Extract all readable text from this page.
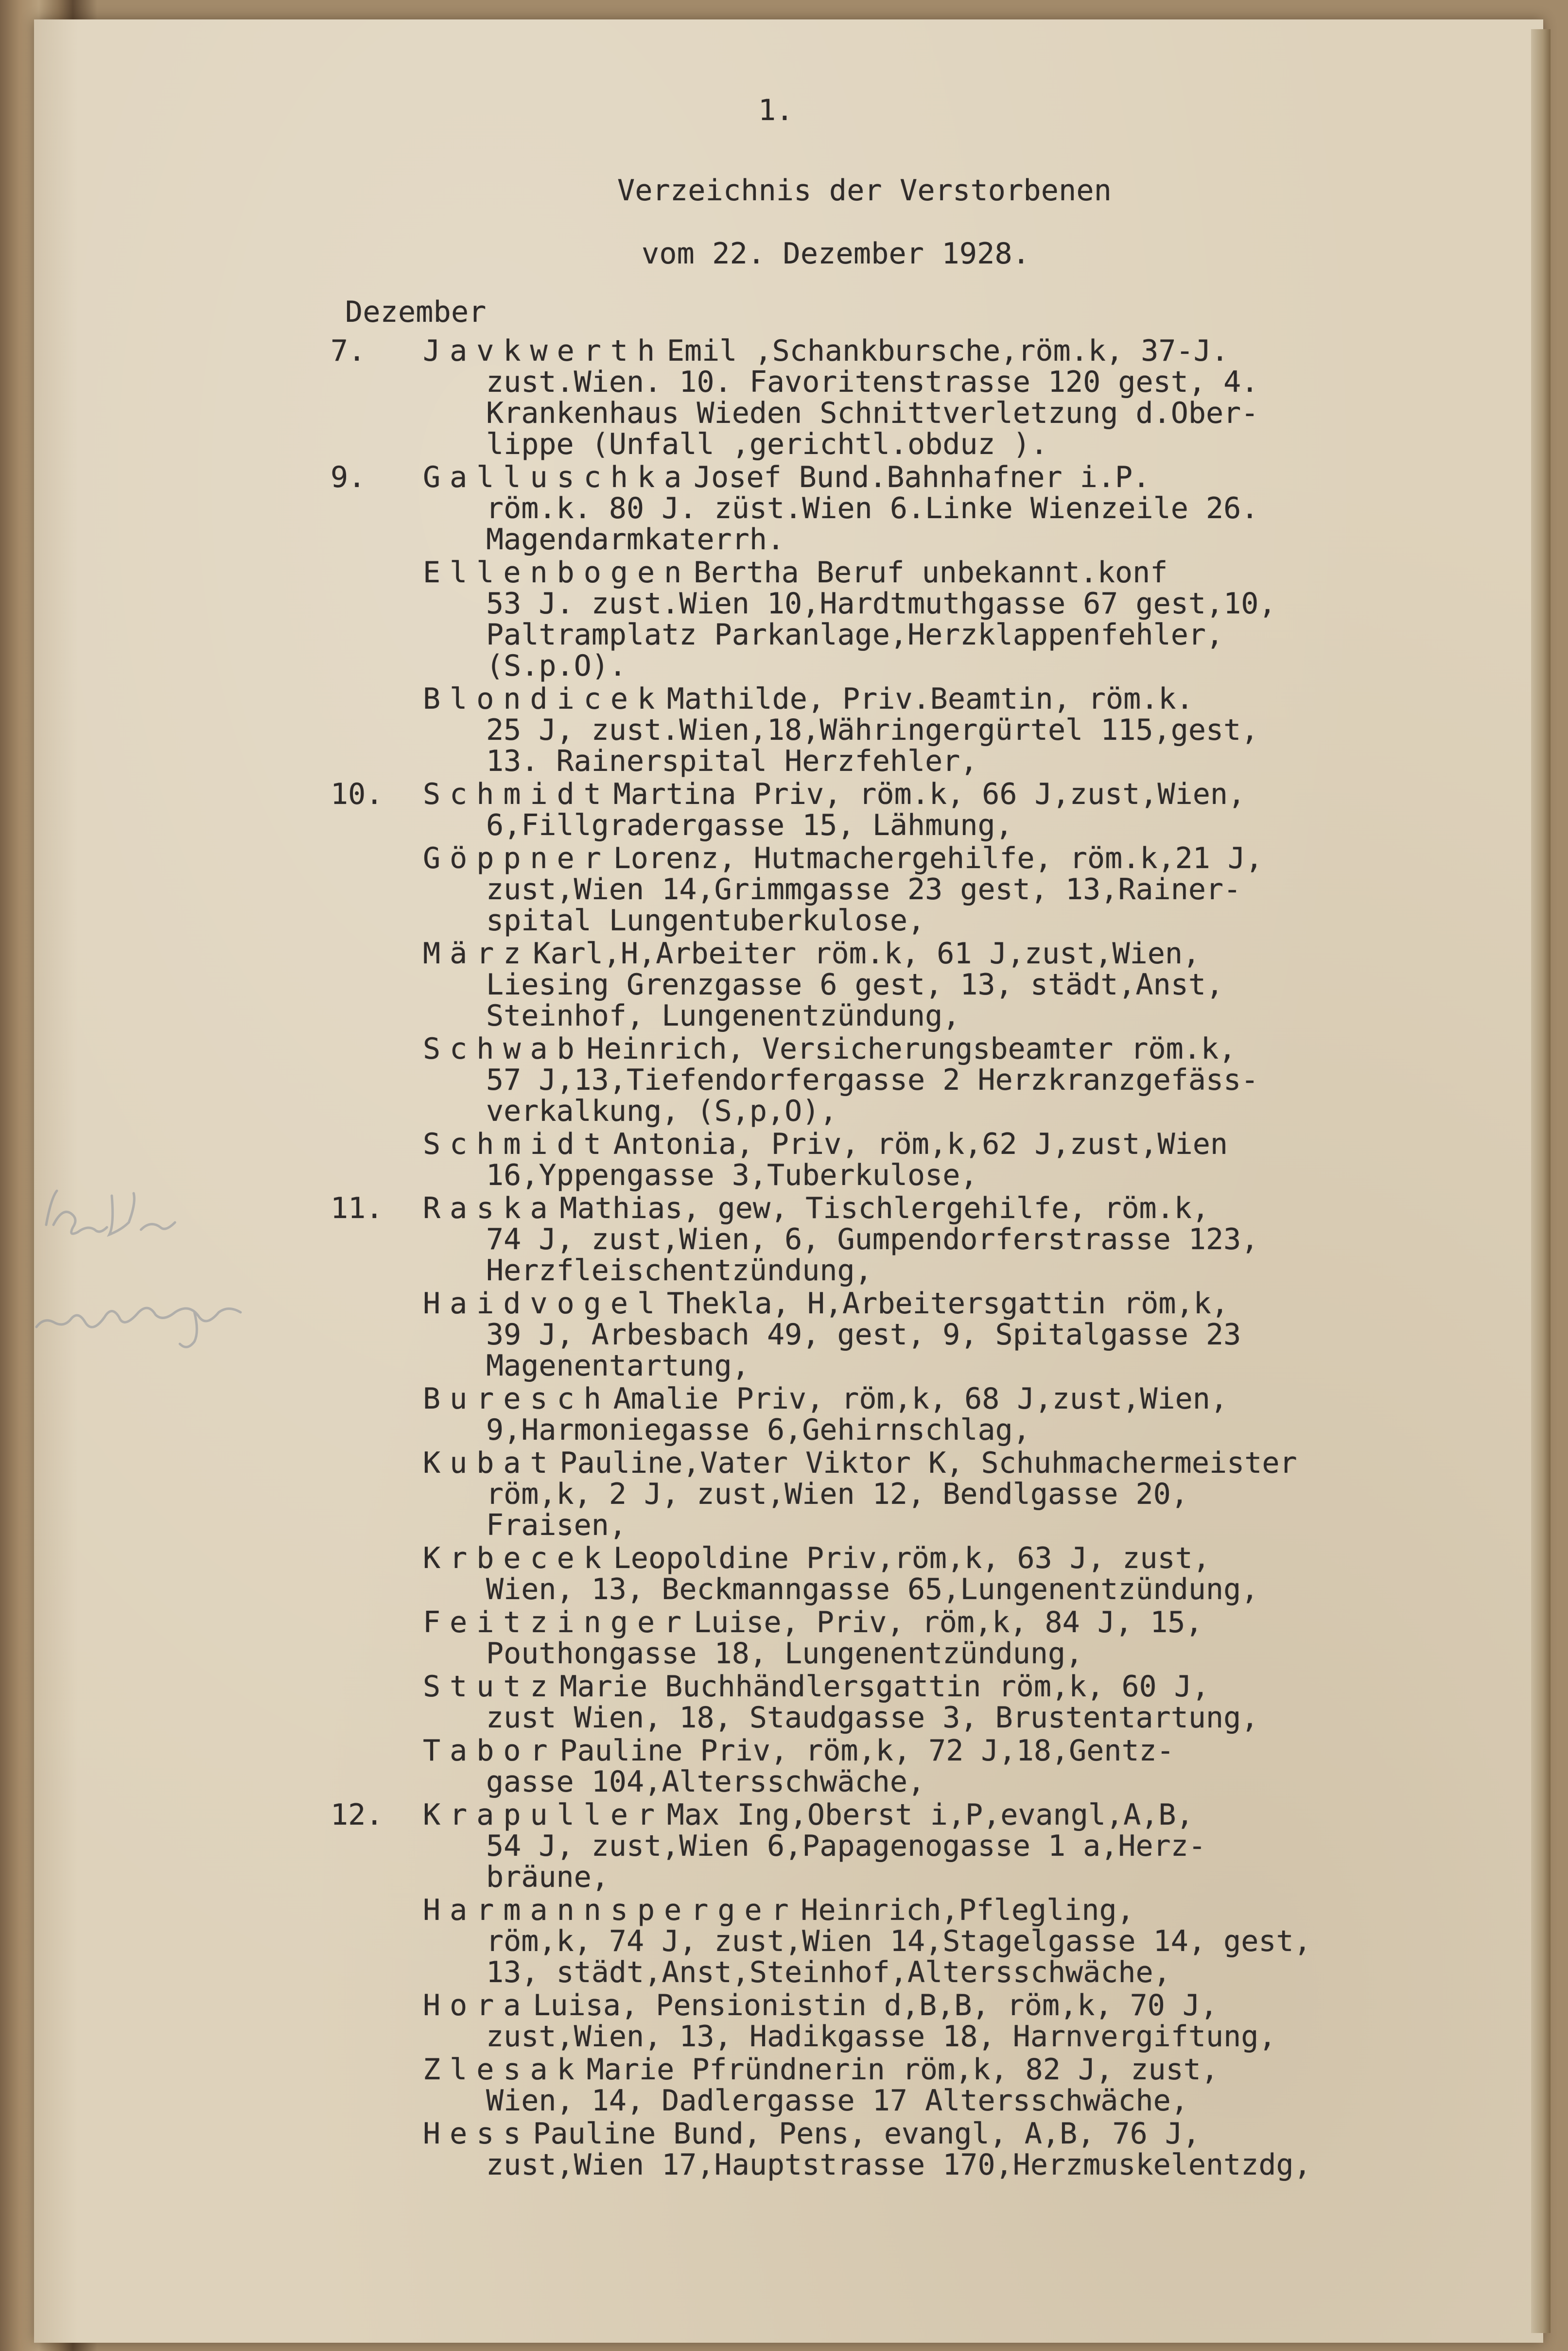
1.
Verzeichnis der Verstorbenen
vom 22. Dezember 1928.
Dezember
7. Javkwerth Emil ,Schankbursche,röm.k, 37-J.
zust.Wien. 10. Favoritenstrasse 120 gest, 4.
Krankenhaus Wieden Schnittverletzung d.Ober-
lippe (Unfall ,gerichtl.obduz ).
9. Galluschka Josef Bund.Bahnhafner i.P.
röm.k. 80 J. züst.Wien 6.Linke Wienzeile 26.
Magendarmkaterrh.
Ellenbogen Bertha Beruf unbekannt.konf
53 J. zust.Wien 10,Hardtmuthgasse 67 gest,10,
Paltramplatz Parkanlage,Herzklappenfehler,
(S.p.O).
Blondicek Mathilde, Priv.Beamtin, röm.k.
25 J, zust.Wien,18,Währingergürtel 115,gest,
13. Rainerspital Herzfehler,
10. Schmidt Martina Priv, röm.k, 66 J,zust,Wien,
6,Fillgradergasse 15, Lähmung,
Göppner Lorenz, Hutmachergehilfe, röm.k,21 J,
zust,Wien 14,Grimmgasse 23 gest, 13,Rainer-
spital Lungentuberkulose,
März Karl,H,Arbeiter röm.k, 61 J,zust,Wien,
Liesing Grenzgasse 6 gest, 13, städt,Anst,
Steinhof, Lungenentzündung,
Schwab Heinrich, Versicherungsbeamter röm.k,
57 J,13,Tiefendorfergasse 2 Herzkranzgefäss-
verkalkung, (S,p,O),
Schmidt Antonia, Priv, röm,k,62 J,zust,Wien
16,Yppengasse 3,Tuberkulose,
11. Raska Mathias, gew, Tischlergehilfe, röm.k,
74 J, zust,Wien, 6, Gumpendorferstrasse 123,
Herzfleischentzündung,
Haidvogel Thekla, H,Arbeitersgattin röm,k,
39 J, Arbesbach 49, gest, 9, Spitalgasse 23
Magenentartung,
Buresch Amalie Priv, röm,k, 68 J,zust,Wien,
9,Harmoniegasse 6,Gehirnschlag,
Kubat Pauline,Vater Viktor K, Schuhmachermeister
röm,k, 2 J, zust,Wien 12, Bendlgasse 20,
Fraisen,
Krbecek Leopoldine Priv,röm,k, 63 J, zust,
Wien, 13, Beckmanngasse 65,Lungenentzündung,
Feitzinger Luise, Priv, röm,k, 84 J, 15,
Pouthongasse 18, Lungenentzündung,
Stutz Marie Buchhändlersgattin röm,k, 60 J,
zust Wien, 18, Staudgasse 3, Brustentartung,
Tabor Pauline Priv, röm,k, 72 J,18,Gentz-
gasse 104,Altersschwäche,
12. Krapuller Max Ing,Oberst i,P,evangl,A,B,
54 J, zust,Wien 6,Papagenogasse 1 a,Herz-
bräune,
Harmannsperger Heinrich,Pflegling,
röm,k, 74 J, zust,Wien 14,Stagelgasse 14, gest,
13, städt,Anst,Steinhof,Altersschwäche,
Hora Luisa, Pensionistin d,B,B, röm,k, 70 J,
zust,Wien, 13, Hadikgasse 18, Harnvergiftung,
Zlesak Marie Pfründnerin röm,k, 82 J, zust,
Wien, 14, Dadlergasse 17 Altersschwäche,
Hess Pauline Bund, Pens, evangl, A,B, 76 J,
zust,Wien 17,Hauptstrasse 170,Herzmuskelentzdg,
